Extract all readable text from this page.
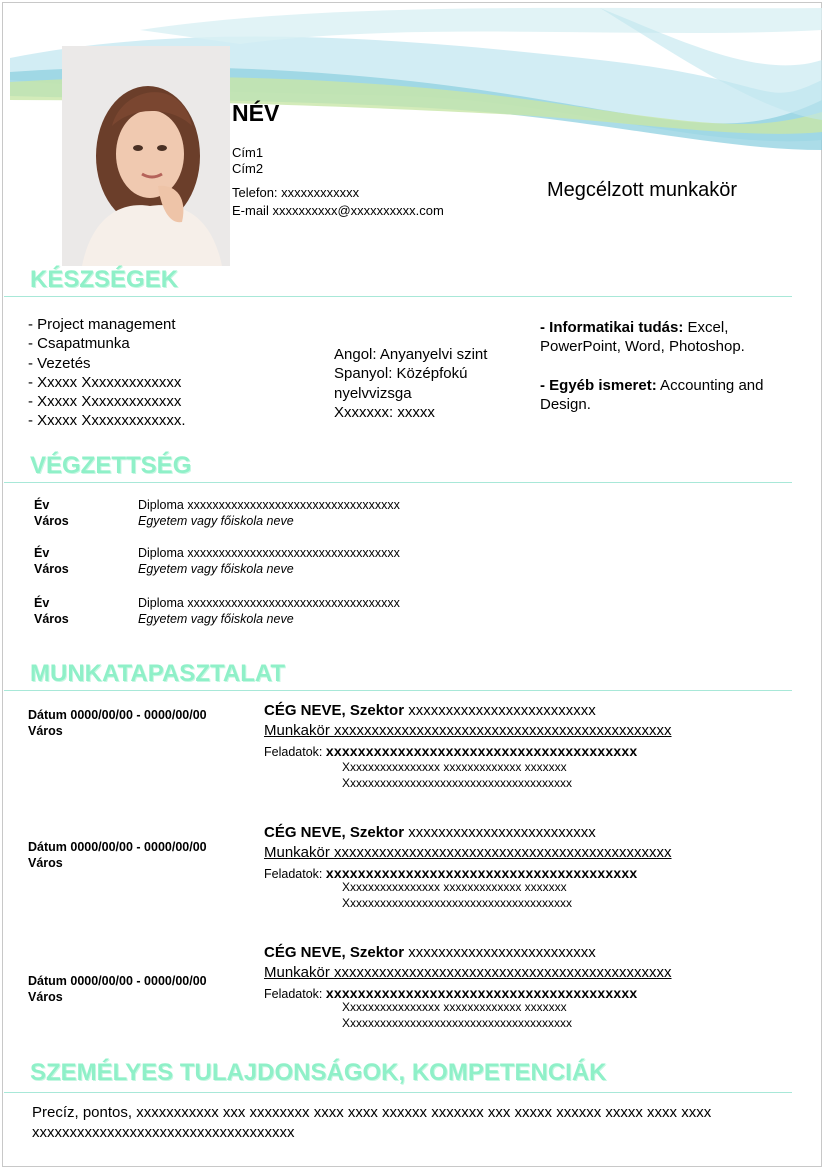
NÉV
Cím1
Cím2
Telefon: xxxxxxxxxxxx
E-mail xxxxxxxxxx@xxxxxxxxxx.com
Megcélzott munkakör
KÉSZSÉGEK
- Project management
- Csapatmunka
- Vezetés
- Xxxxx Xxxxxxxxxxxxx
- Xxxxx Xxxxxxxxxxxxx
- Xxxxx Xxxxxxxxxxxxx.
Angol: Anyanyelvi szint
Spanyol: Középfokú nyelvvizsga
Xxxxxxx: xxxxx
- Informatikai tudás: Excel, PowerPoint, Word, Photoshop.
- Egyéb ismeret: Accounting and Design.
VÉGZETTSÉG
Év
Város
Diploma xxxxxxxxxxxxxxxxxxxxxxxxxxxxxxxxxx
Egyetem vagy főiskola neve
Év
Város
Diploma xxxxxxxxxxxxxxxxxxxxxxxxxxxxxxxxxx
Egyetem vagy főiskola neve
Év
Város
Diploma xxxxxxxxxxxxxxxxxxxxxxxxxxxxxxxxxx
Egyetem vagy főiskola neve
MUNKATAPASZTALAT
Dátum 0000/00/00 - 0000/00/00
Város
CÉG NEVE, Szektor xxxxxxxxxxxxxxxxxxxxxxxxx
Munkakör xxxxxxxxxxxxxxxxxxxxxxxxxxxxxxxxxxxxxxxxxxxxx
Feladatok: xxxxxxxxxxxxxxxxxxxxxxxxxxxxxxxxxxxxxxx
Xxxxxxxxxxxxxxxx xxxxxxxxxxxxx xxxxxxx
Xxxxxxxxxxxxxxxxxxxxxxxxxxxxxxxxxxxxxx
Dátum 0000/00/00 - 0000/00/00
Város
CÉG NEVE, Szektor xxxxxxxxxxxxxxxxxxxxxxxxx
Munkakör xxxxxxxxxxxxxxxxxxxxxxxxxxxxxxxxxxxxxxxxxxxxx
Feladatok: xxxxxxxxxxxxxxxxxxxxxxxxxxxxxxxxxxxxxxx
Xxxxxxxxxxxxxxxx xxxxxxxxxxxxx xxxxxxx
Xxxxxxxxxxxxxxxxxxxxxxxxxxxxxxxxxxxxxx
Dátum 0000/00/00 - 0000/00/00
Város
CÉG NEVE, Szektor xxxxxxxxxxxxxxxxxxxxxxxxx
Munkakör xxxxxxxxxxxxxxxxxxxxxxxxxxxxxxxxxxxxxxxxxxxxx
Feladatok: xxxxxxxxxxxxxxxxxxxxxxxxxxxxxxxxxxxxxxx
Xxxxxxxxxxxxxxxx xxxxxxxxxxxxx xxxxxxx
Xxxxxxxxxxxxxxxxxxxxxxxxxxxxxxxxxxxxxx
SZEMÉLYES TULAJDONSÁGOK, KOMPETENCIÁK
Precíz, pontos, xxxxxxxxxxx xxx xxxxxxxx xxxx xxxx xxxxxx xxxxxxx xxx xxxxx xxxxxx xxxxx xxxx xxxx xxxxxxxxxxxxxxxxxxxxxxxxxxxxxxxxxxx
